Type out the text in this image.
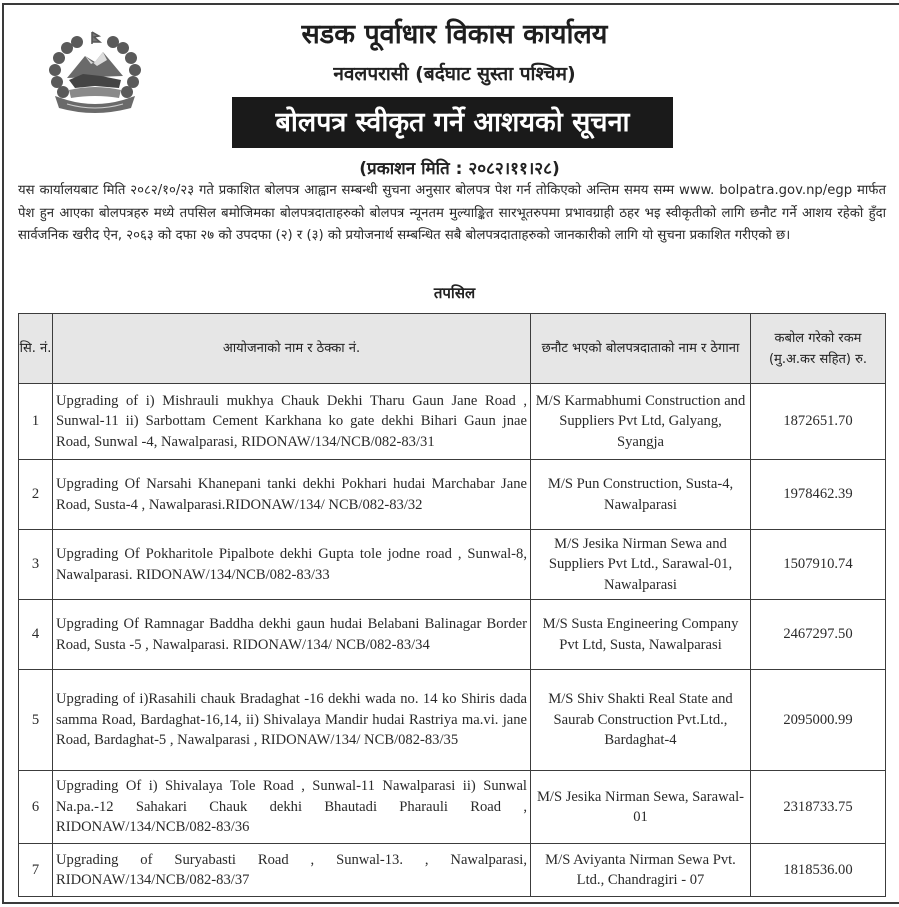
सडक पूर्वाधार विकास कार्यालय
नवलपरासी (बर्दघाट सुस्ता पश्चिम)
बोलपत्र स्वीकृत गर्ने आशयको सूचना
(प्रकाशन मिति : २०८२।११।२८)

यस कार्यालयबाट मिति २०८२/१०/२३ गते प्रकाशित बोलपत्र आह्वान सम्बन्धी सुचना अनुसार बोलपत्र पेश गर्न तोकिएको अन्तिम समय सम्म www. bolpatra.gov.np/egp मार्फत पेश हुन आएका बोलपत्रहरु मध्ये तपसिल बमोजिमका बोलपत्रदाताहरुको बोलपत्र न्यूनतम मुल्याङ्कित सारभूतरुपमा प्रभावग्राही ठहर भइ स्वीकृतीको लागि छनौट गर्ने आशय रहेको हुँदा सार्वजनिक खरीद ऐन, २०६३ को दफा २७ को उपदफा (२) र (३) को प्रयोजनार्थ सम्बन्धित सबै बोलपत्रदाताहरुको जानकारीको लागि यो सुचना प्रकाशित गरीएको छ।

तपसिल
सि. नं.	आयोजनाको नाम र ठेक्का नं.	छनौट भएको बोलपत्रदाताको नाम र ठेगाना	कबोल गरेको रकम (मु.अ.कर सहित) रु.
1	Upgrading of i) Mishrauli mukhya Chauk Dekhi Tharu Gaun Jane Road , Sunwal-11 ii) Sarbottam Cement Karkhana ko gate dekhi Bihari Gaun jnae Road, Sunwal -4, Nawalparasi, RIDONAW/134/NCB/082-83/31	M/S Karmabhumi Construction and Suppliers Pvt Ltd, Galyang, Syangja	1872651.70
2	Upgrading Of Narsahi Khanepani tanki dekhi Pokhari hudai Marchabar Jane Road, Susta-4 , Nawalparasi.RIDONAW/134/ NCB/082-83/32	M/S Pun Construction, Susta-4, Nawalparasi	1978462.39
3	Upgrading Of Pokharitole Pipalbote dekhi Gupta tole jodne road , Sunwal-8, Nawalparasi. RIDONAW/134/NCB/082-83/33	M/S Jesika Nirman Sewa and Suppliers Pvt Ltd., Sarawal-01, Nawalparasi	1507910.74
4	Upgrading Of Ramnagar Baddha dekhi gaun hudai Belabani Balinagar Border Road, Susta -5 , Nawalparasi. RIDONAW/134/ NCB/082-83/34	M/S Susta Engineering Company Pvt Ltd, Susta, Nawalparasi	2467297.50
5	Upgrading of i)Rasahili chauk Bradaghat -16 dekhi wada no. 14 ko Shiris dada samma Road, Bardaghat-16,14, ii) Shivalaya Mandir hudai Rastriya ma.vi. jane Road, Bardaghat-5 , Nawalparasi , RIDONAW/134/ NCB/082-83/35	M/S Shiv Shakti Real State and Saurab Construction Pvt.Ltd., Bardaghat-4	2095000.99
6	Upgrading Of i) Shivalaya Tole Road , Sunwal-11 Nawalparasi ii) Sunwal Na.pa.-12 Sahakari Chauk dekhi Bhautadi Pharauli Road , RIDONAW/134/NCB/082-83/36	M/S Jesika Nirman Sewa, Sarawal-01	2318733.75
7	Upgrading of Suryabasti Road , Sunwal-13. , Nawalparasi, RIDONAW/134/NCB/082-83/37	M/S Aviyanta Nirman Sewa Pvt. Ltd., Chandragiri - 07	1818536.00
